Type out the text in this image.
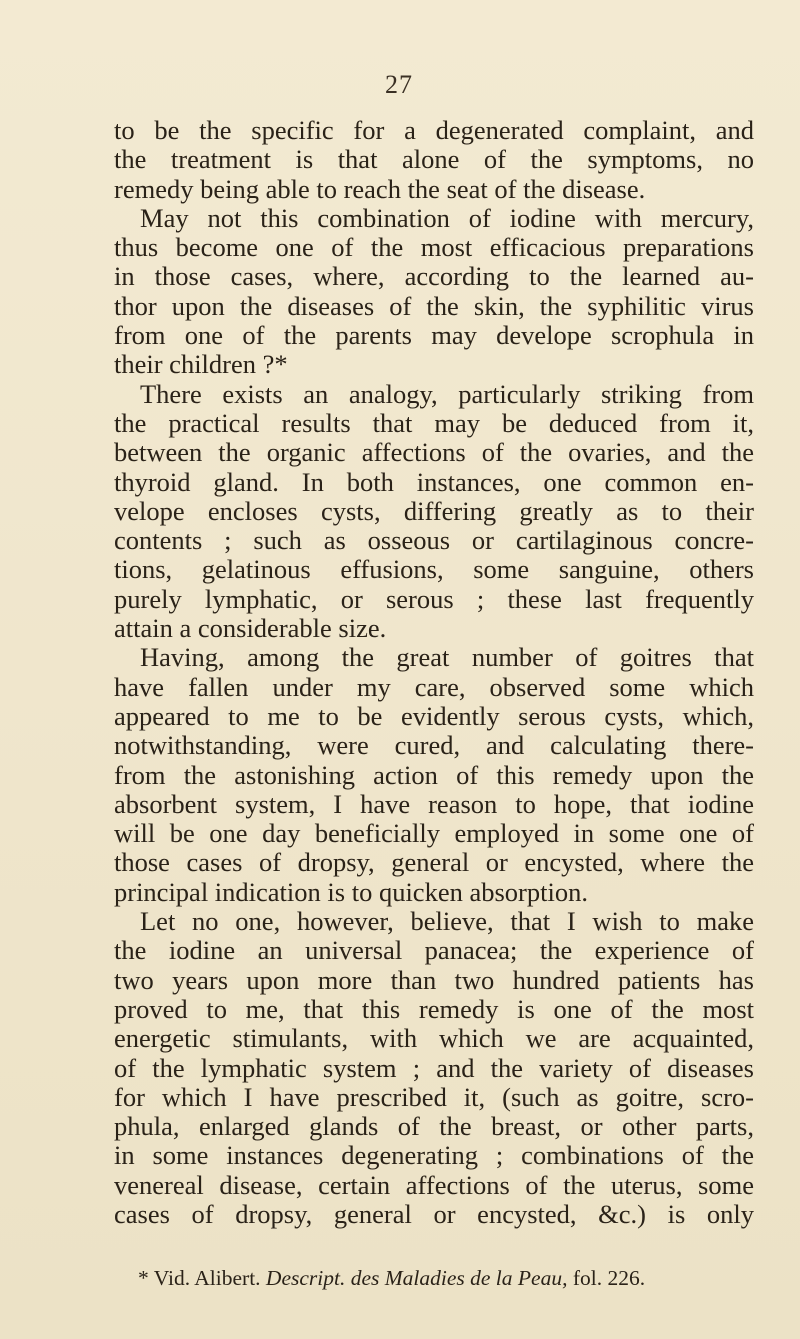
27
to be the specific for a degenerated complaint, and
the treatment is that alone of the symptoms, no
remedy being able to reach the seat of the disease.
May not this combination of iodine with mercury,
thus become one of the most efficacious preparations
in those cases, where, according to the learned au-
thor upon the diseases of the skin, the syphilitic virus
from one of the parents may develope scrophula in
their children ?*
There exists an analogy, particularly striking from
the practical results that may be deduced from it,
between the organic affections of the ovaries, and the
thyroid gland. In both instances, one common en-
velope encloses cysts, differing greatly as to their
contents ; such as osseous or cartilaginous concre-
tions, gelatinous effusions, some sanguine, others
purely lymphatic, or serous ; these last frequently
attain a considerable size.
Having, among the great number of goitres that
have fallen under my care, observed some which
appeared to me to be evidently serous cysts, which,
notwithstanding, were cured, and calculating there-
from the astonishing action of this remedy upon the
absorbent system, I have reason to hope, that iodine
will be one day beneficially employed in some one of
those cases of dropsy, general or encysted, where the
principal indication is to quicken absorption.
Let no one, however, believe, that I wish to make
the iodine an universal panacea; the experience of
two years upon more than two hundred patients has
proved to me, that this remedy is one of the most
energetic stimulants, with which we are acquainted,
of the lymphatic system ; and the variety of diseases
for which I have prescribed it, (such as goitre, scro-
phula, enlarged glands of the breast, or other parts,
in some instances degenerating ; combinations of the
venereal disease, certain affections of the uterus, some
cases of dropsy, general or encysted, &c.) is only
* Vid. Alibert. Descript. des Maladies de la Peau, fol. 226.
